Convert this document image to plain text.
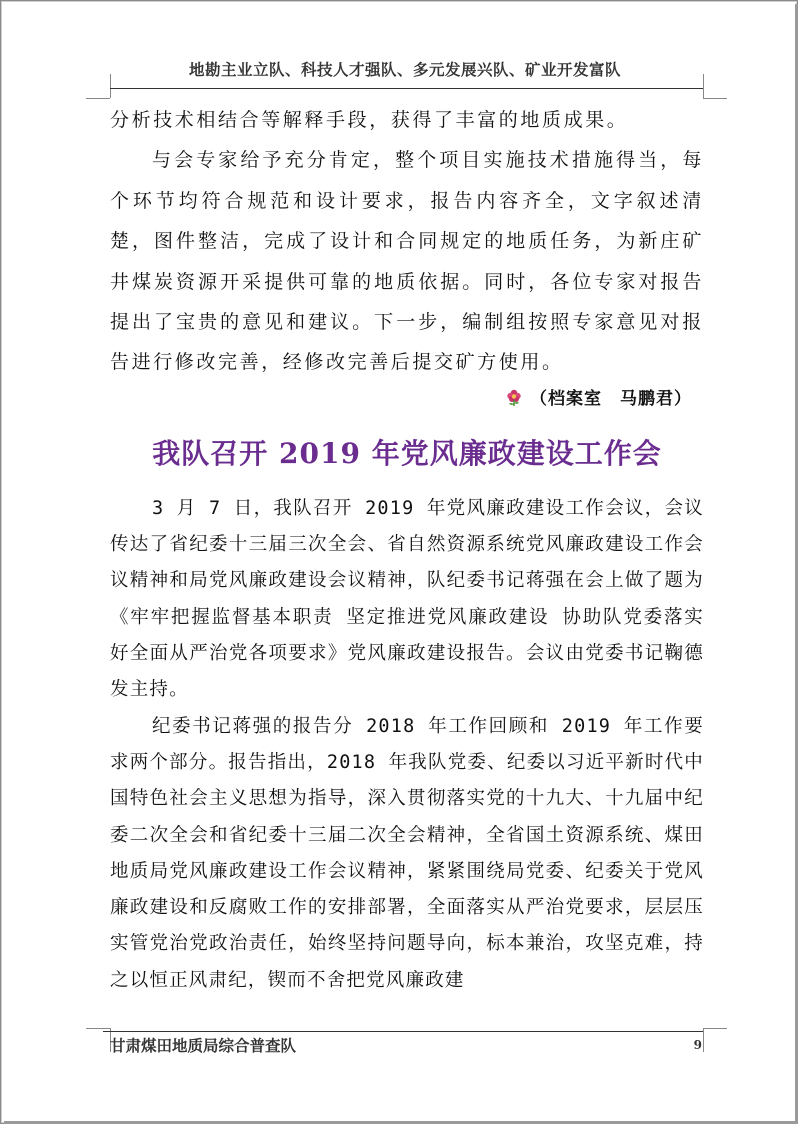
地勘主业立队、科技人才强队、多元发展兴队、矿业开发富队

分析技术相结合等解释手段，获得了丰富的地质成果。

与会专家给予充分肯定，整个项目实施技术措施得当，每个环节均符合规范和设计要求，报告内容齐全，文字叙述清楚，图件整洁，完成了设计和合同规定的地质任务，为新庄矿井煤炭资源开采提供可靠的地质依据。同时，各位专家对报告提出了宝贵的意见和建议。下一步，编制组按照专家意见对报告进行修改完善，经修改完善后提交矿方使用。

（档案室　马鹏君）
我队召开 2019 年党风廉政建设工作会

3 月 7 日，我队召开 2019 年党风廉政建设工作会议，会议传达了省纪委十三届三次全会、省自然资源系统党风廉政建设工作会议精神和局党风廉政建设会议精神，队纪委书记蒋强在会上做了题为《牢牢把握监督基本职责 坚定推进党风廉政建设 协助队党委落实好全面从严治党各项要求》党风廉政建设报告。会议由党委书记鞠德发主持。

纪委书记蒋强的报告分 2018 年工作回顾和 2019 年工作要求两个部分。报告指出，2018 年我队党委、纪委以习近平新时代中国特色社会主义思想为指导，深入贯彻落实党的十九大、十九届中纪委二次全会和省纪委十三届二次全会精神，全省国土资源系统、煤田地质局党风廉政建设工作会议精神，紧紧围绕局党委、纪委关于党风廉政建设和反腐败工作的安排部署，全面落实从严治党要求，层层压实管党治党政治责任，始终坚持问题导向，标本兼治，攻坚克难，持之以恒正风肃纪，锲而不舍把党风廉政建

甘肃煤田地质局综合普查队	9
